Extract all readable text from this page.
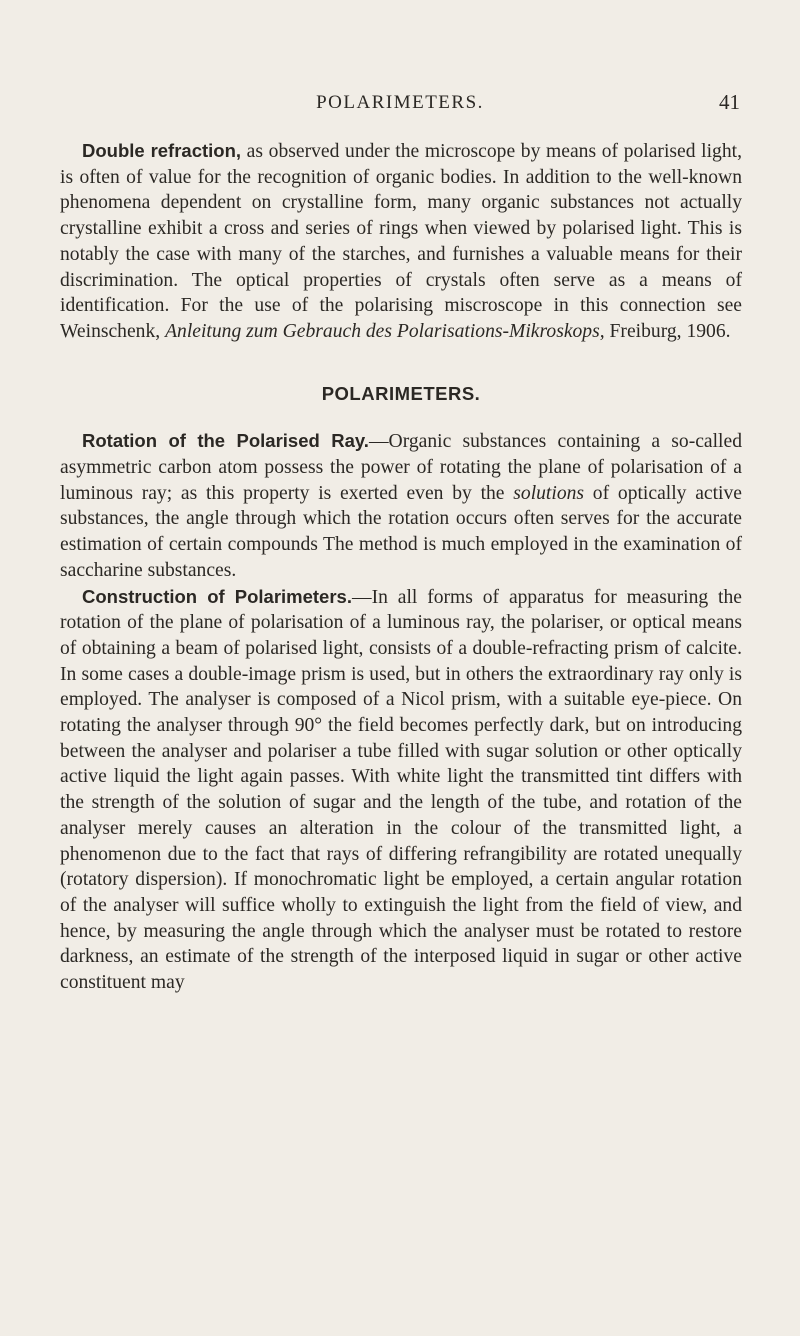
POLARIMETERS.	41

Double refraction, as observed under the microscope by means of polarised light, is often of value for the recognition of organic bodies. In addition to the well-known phenomena dependent on crystalline form, many organic substances not actually crystalline exhibit a cross and series of rings when viewed by polarised light. This is notably the case with many of the starches, and furnishes a valuable means for their discrimination. The optical properties of crystals often serve as a means of identification. For the use of the polarising miscroscope in this connection see Weinschenk, Anleitung zum Gebrauch des Polarisations-Mikroskops, Freiburg, 1906.

POLARIMETERS.

Rotation of the Polarised Ray.—Organic substances containing a so-called asymmetric carbon atom possess the power of rotating the plane of polarisation of a luminous ray; as this property is exerted even by the solutions of optically active substances, the angle through which the rotation occurs often serves for the accurate estimation of certain compounds The method is much employed in the examination of saccharine substances.

Construction of Polarimeters.—In all forms of apparatus for measuring the rotation of the plane of polarisation of a luminous ray, the polariser, or optical means of obtaining a beam of polarised light, consists of a double-refracting prism of calcite. In some cases a double-image prism is used, but in others the extraordinary ray only is employed. The analyser is composed of a Nicol prism, with a suitable eye-piece. On rotating the analyser through 90° the field becomes perfectly dark, but on introducing between the analyser and polariser a tube filled with sugar solution or other optically active liquid the light again passes. With white light the transmitted tint differs with the strength of the solution of sugar and the length of the tube, and rotation of the analyser merely causes an alteration in the colour of the transmitted light, a phenomenon due to the fact that rays of differing refrangibility are rotated unequally (rotatory dispersion). If monochromatic light be employed, a certain angular rotation of the analyser will suffice wholly to extinguish the light from the field of view, and hence, by measuring the angle through which the analyser must be rotated to restore darkness, an estimate of the strength of the interposed liquid in sugar or other active constituent may
